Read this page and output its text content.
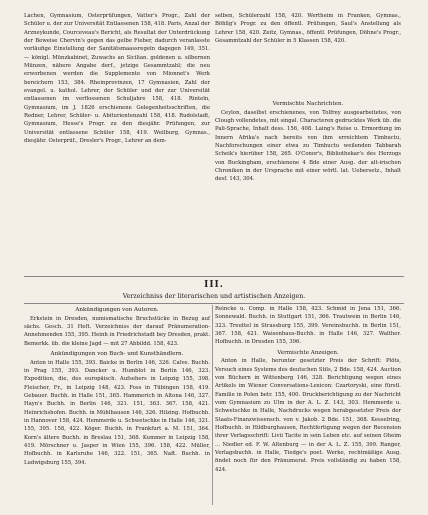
Lachen, Gymnasium, Osterprüfungen, Vatter's Progr., Zahl der Schüler u. der zur Universität Entlassenen 158, 418. Paris, Anzal der Arzneykunde, Courceveau's Bericht, als Resultat der Unterdrückung der Beweise Chervin's gegen das gelbe Fieber, dadurch veranlasste vorläufige Einstellung der Sanitätsmaassregeln dagegen 149, 351. — königl. Münzkabinet, Zuwachs an Sicilian. goldenen u. silbernen Münzen, nähere Angabe derf., jetzige Gesammtzahl; die neu erworbenen werden die Supplemente von Mionnet's Werk bereichern 153, 384. Rheinprovinzen, 17 Gymnasien, Zahl der evangel. u. kathol. Lehrer, der Schüler und der zur Universität entlassenen im verflossenen Schuljahre 158, 418. Rinteln, Gymnasium, im J. 1826 erschienene Gelegenheitsschriften, die Redner, Lehrer, Schüler- u. Abiturientenzahl 158, 418. Rudolstadt, Gymnasium, Hesse's Progr. zu den diesjähr. Prüfungen, zur Universität entlassene Schüler 158, 419. Weilburg, Gymnas., diesjähr. Osterprüf., Dresler's Progr., Lehrer an dem-

selben, Schülerzahl 158, 420. Wertheim in Franken, Gymnas., Böhlig's Progr. zu den öffentl. Prüfungen, Saul's Anstellung als Lehrer 158, 420. Zeitz, Gymnas., öffentl. Prüfungen, Döhne's Progr., Gesammtzahl der Schüler in 5 Klassen 158, 420.

Vermischte Nachrichten.

Ceylon, daselbst erschienenes, von Tolfrey ausgearbeitetes, von Clough vollendetes, mit singal. Characteren gedrucktes Werk üb. die Pali-Sprache, Inhalt dess. 156, 408. Laing's Reise u. Ermordung im Innern Afrika's nach bereits von ihm erreichtem Timbuctu, Nachforschungen einer etwa zu Timbuctu weilenden Tabbarah Scheik's hierüber 158, 265. O'Conor's, Bibliothekar's des Herzogs von Buckingham, erschienene 4 Bde einer Ausg. der alt-irischen Chroniken in der Ursprache mit einer wörtl. lat. Uebersetz., Inhalt desf. 143, 304.

III.
Verzeichniss der literarischen und artistischen Anzeigen.

Ankündigungen von Autoren.

Erkstein in Dresden, numismatische Bruchstücke in Bezug auf sächs. Gesch. 31 Heft. Verzeichniss der darauf Pränumeration-Annehmenden 155, 395. Heinh in Friedrichstadt bey Dresden, prakt. Bemerkk. üb. die kleine Jagd — mit 27 Abbildd. 158, 423.

Ankündigungen von Buch- und Kunsthändlern.

Anton in Halle 155, 393. Baicke in Berlin 146, 326. Calve. Buchh. in Prag 155, 393. Dancker u. Humblot in Berlin 146, 323. Expedition, die, des europäisch. Aufsehers in Leipzig 155, 398. Fleischer, Fr., in Leipzig 148, 423. Foss in Tübingen 158, 419. Gebauer. Buchh. in Halle 151, 365. Hammerich in Altona 146, 327. Hayn's Buchh. in Berlin 146, 321. 151, 363. 367. 158, 421. Heinrichshofen. Buchh. in Mühlhausen 146, 326. Hilzing. Hofbuchh. in Hannover 158, 424. Hemmerde u. Schwetschke in Halle 146, 321. 155, 395. 158, 422. Köger. Buchh. in Frankfurt a. M. 151, 364. Korn's ältere Buchh. in Breslau 151, 368. Kummer in Leipzig 158, 419. Mörschner u. Jasper in Wien 155, 396. 158, 422. Müller, Hofbuchh. in Karlsruhe 146, 322. 151, 365. Naft. Buchh. in Ludwigsburg 155, 394.

Reincke u. Comp. in Halle 158, 423. Schmid in Jena 151, 366. Sonnewald. Buchh. in Stuttgart 151, 366. Trautwein in Berlin 146, 323. Treuttel in Strassburg 155, 399. Vereinsbuchh. in Berlin 151, 367. 158, 421. Waisenhaus-Buchh. in Halle 146, 327. Walther. Hofbuchh. in Dresden 155, 396.

Vermischte Anzeigen.

Anton in Halle, herunter gesetzter Preis der Schrift: Plöts, Versuch eines Systems des deutschen Stils, 2 Bde. 158, 424. Auction von Büchern in Wittenberg 146, 328. Berichtigung wegen eines Artikels im Wiener Conversations-Lexicon: Czartoryski, eine fürstl. Familie in Polen betr. 155, 400. Druckberichtigung zu der Nachricht vom Gymnasium zu Ulm in der A. L. Z. 143, 303. Hemmerde u. Schwetschke in Halle, Nachdrucks wegen herabgesetzter Preis der Staats-Finanzwissensch. von v. Jakob. 2 Bde. 151, 368. Kesselring, Hofbuchh. in Hildburghausen, Rechtfertigung wegen der Recension ihrer Verlagsschrift: Livii Tacite in sein Leben etc. auf seinen Oheim ... Niedler ed. F. W. Altenburg — in der A. L. Z. 155, 399. Ranger, Verlagsbuchh. in Halle, Tiedge's poet. Werke, rechtmäßige Ausg. findet noch für den Pränumerat. Preis vollständig zu haben 158, 424.
